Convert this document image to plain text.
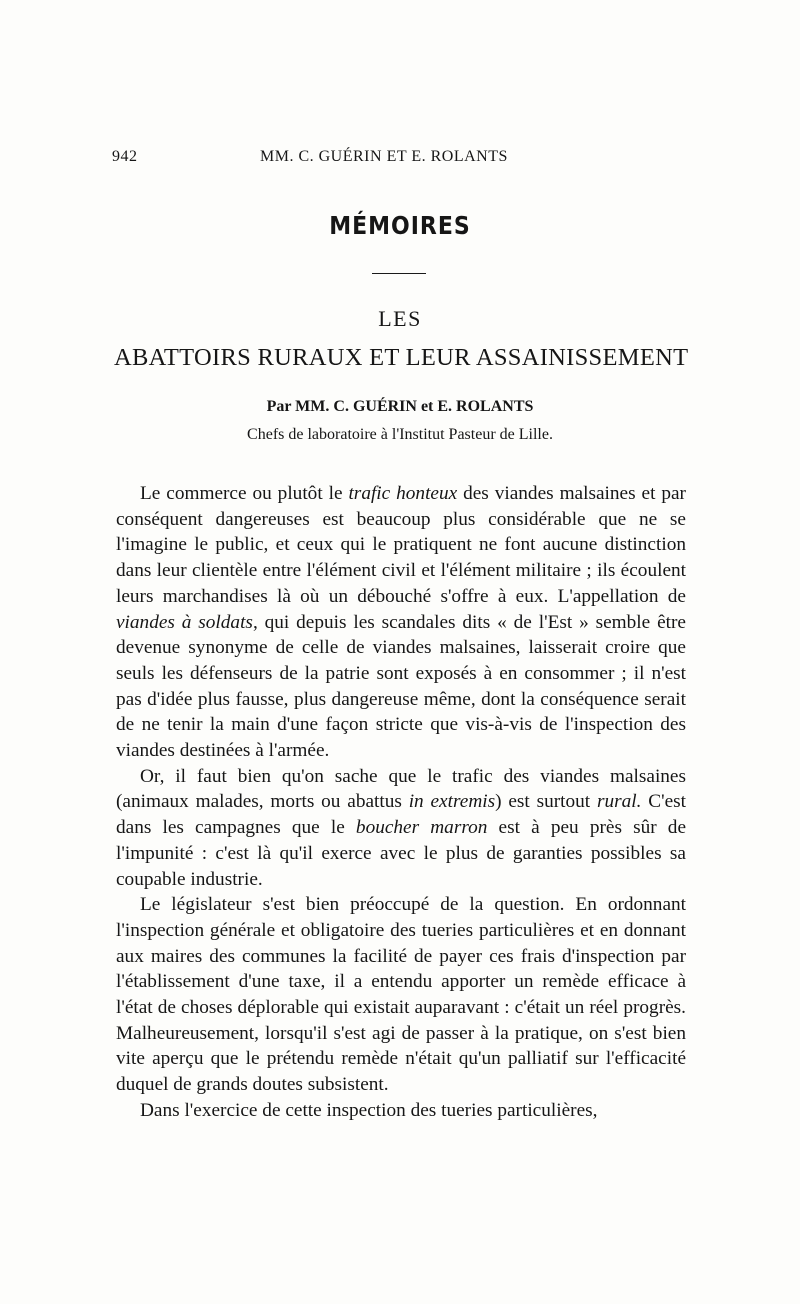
942	MM. C. GUÉRIN ET E. ROLANTS
MÉMOIRES
LES
ABATTOIRS RURAUX ET LEUR ASSAINISSEMENT
Par MM. C. GUÉRIN et E. ROLANTS
Chefs de laboratoire à l'Institut Pasteur de Lille.

Le commerce ou plutôt le trafic honteux des viandes malsaines et par conséquent dangereuses est beaucoup plus considérable que ne se l'imagine le public, et ceux qui le pratiquent ne font aucune distinction dans leur clientèle entre l'élément civil et l'élément militaire ; ils écoulent leurs marchandises là où un débouché s'offre à eux. L'appellation de viandes à soldats, qui depuis les scandales dits « de l'Est » semble être devenue synonyme de celle de viandes malsaines, laisserait croire que seuls les défenseurs de la patrie sont exposés à en consommer ; il n'est pas d'idée plus fausse, plus dangereuse même, dont la conséquence serait de ne tenir la main d'une façon stricte que vis-à-vis de l'inspection des viandes destinées à l'armée.

Or, il faut bien qu'on sache que le trafic des viandes malsaines (animaux malades, morts ou abattus in extremis) est surtout rural. C'est dans les campagnes que le boucher marron est à peu près sûr de l'impunité : c'est là qu'il exerce avec le plus de garanties possibles sa coupable industrie.

Le législateur s'est bien préoccupé de la question. En ordonnant l'inspection générale et obligatoire des tueries particulières et en donnant aux maires des communes la facilité de payer ces frais d'inspection par l'établissement d'une taxe, il a entendu apporter un remède efficace à l'état de choses déplorable qui existait auparavant : c'était un réel progrès. Malheureusement, lorsqu'il s'est agi de passer à la pratique, on s'est bien vite aperçu que le prétendu remède n'était qu'un palliatif sur l'efficacité duquel de grands doutes subsistent.

Dans l'exercice de cette inspection des tueries particulières,
